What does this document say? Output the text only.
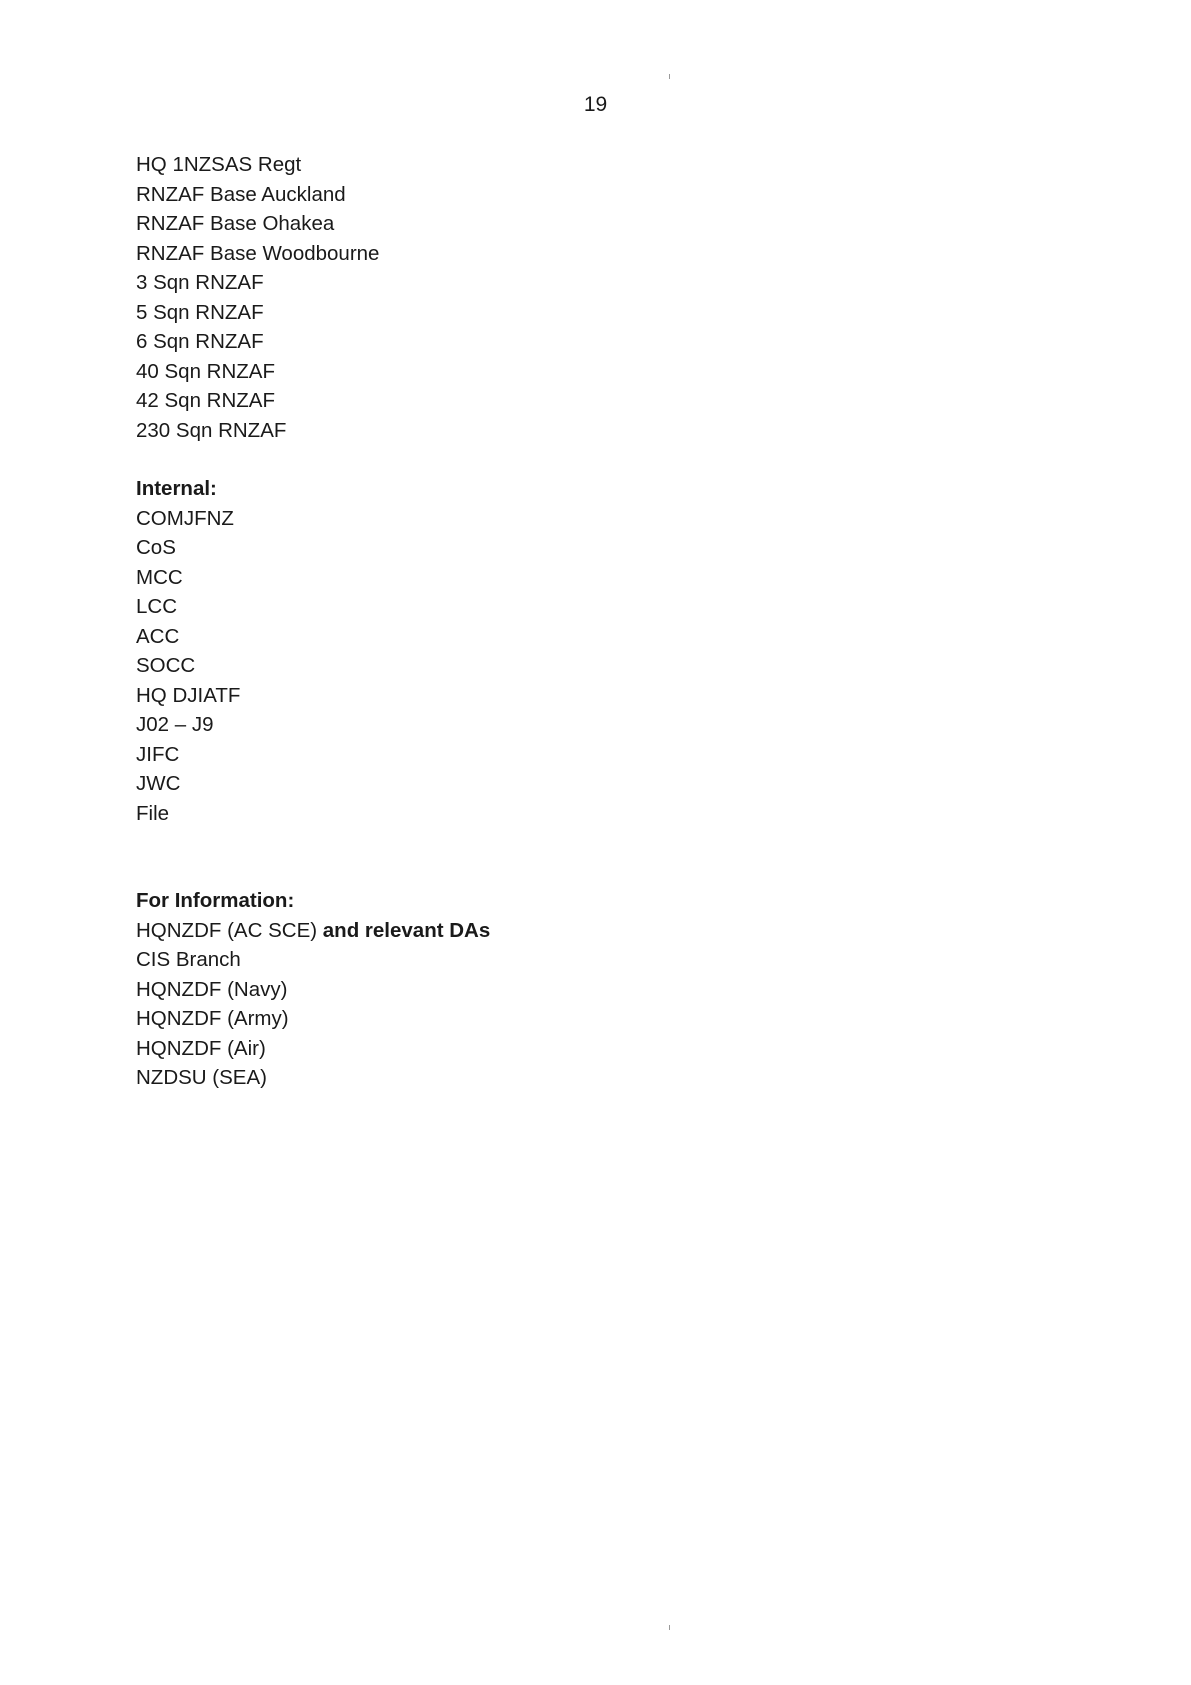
19
HQ 1NZSAS Regt
RNZAF Base Auckland
RNZAF Base Ohakea
RNZAF Base Woodbourne
3 Sqn RNZAF
5 Sqn RNZAF
6 Sqn RNZAF
40 Sqn RNZAF
42 Sqn RNZAF
230 Sqn RNZAF
Internal:
COMJFNZ
CoS
MCC
LCC
ACC
SOCC
HQ DJIATF
J02 – J9
JIFC
JWC
File
For Information:
HQNZDF (AC SCE) and relevant DAs
CIS Branch
HQNZDF (Navy)
HQNZDF (Army)
HQNZDF (Air)
NZDSU (SEA)
